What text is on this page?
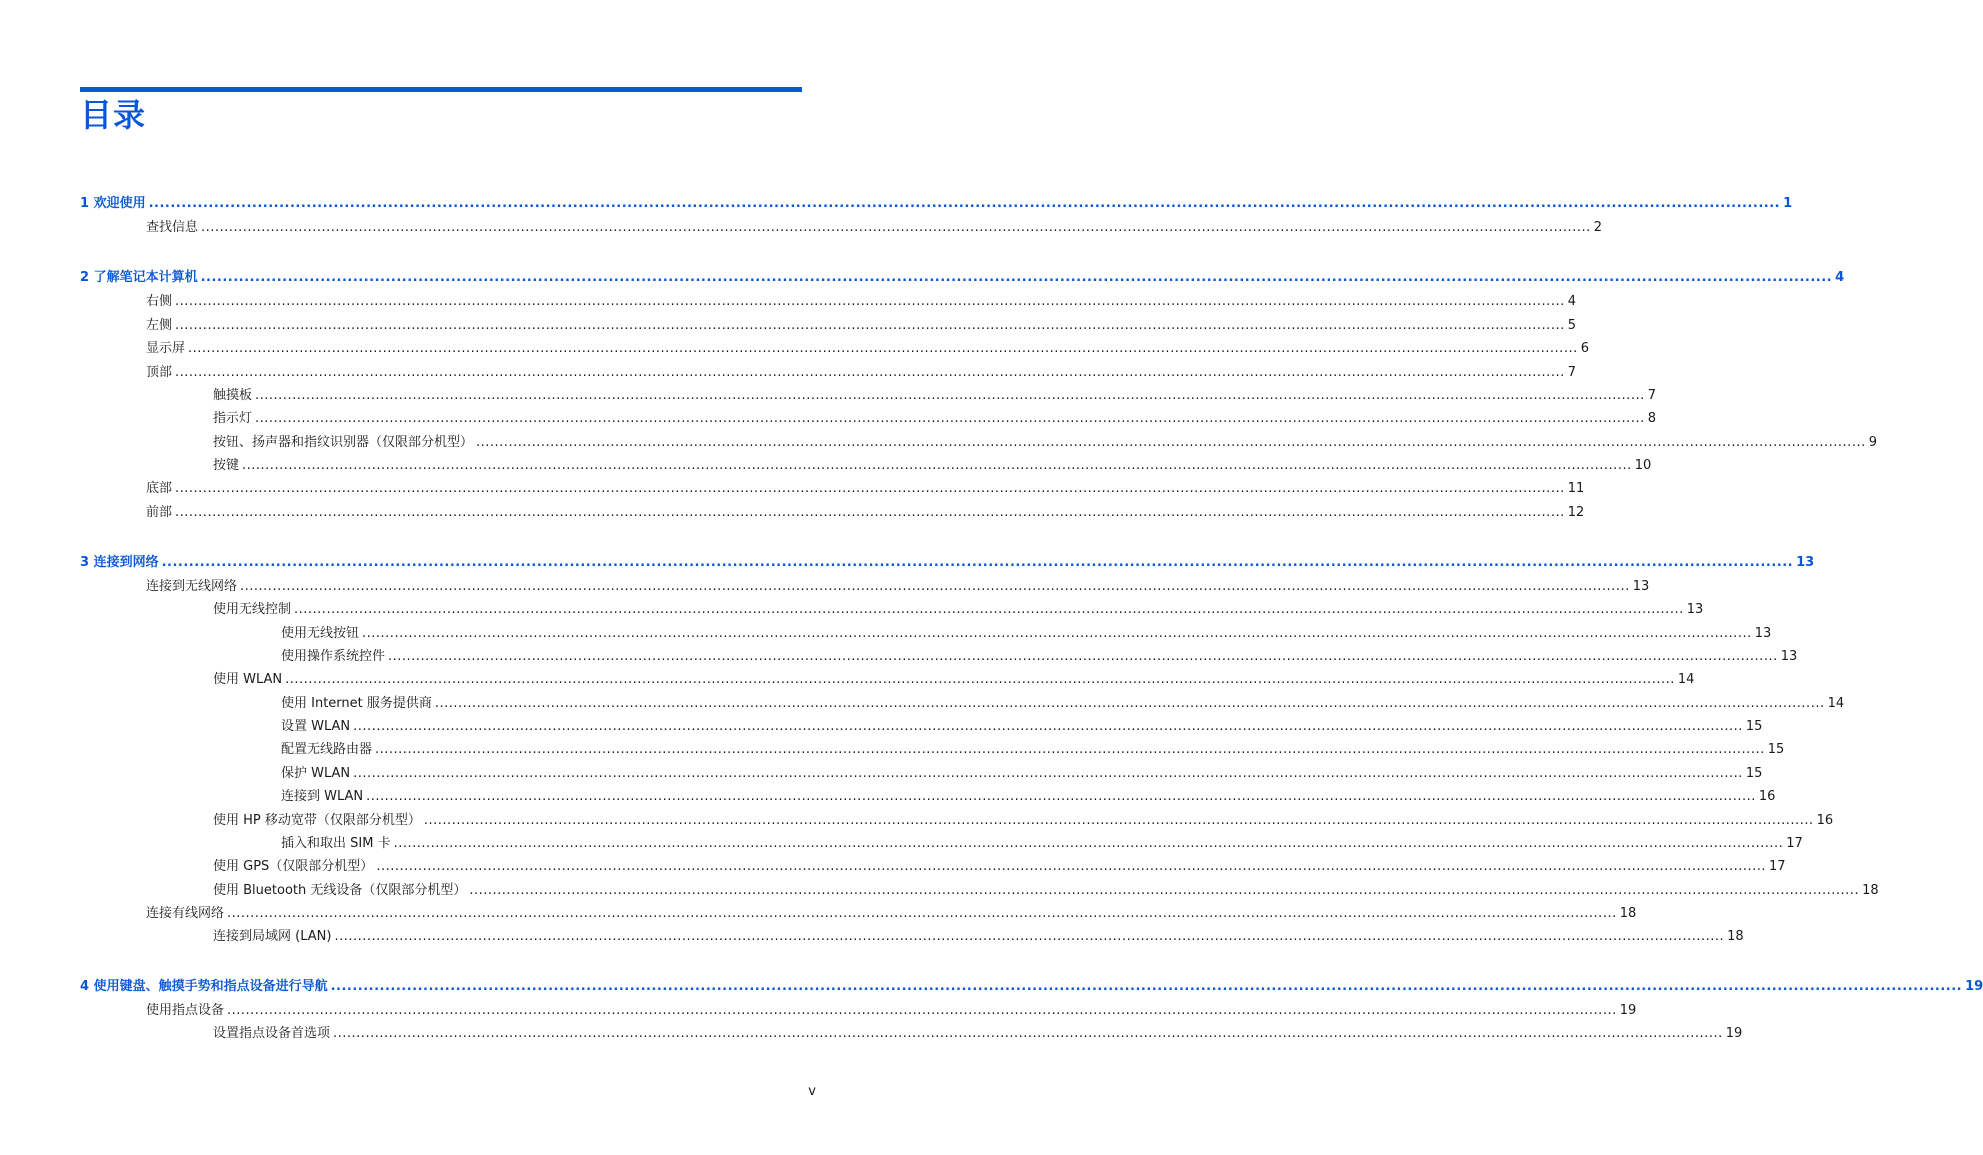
目录
1 欢迎使用 ............................................................................................................................................................................................................................................................................................................ 1
查找信息 ............................................................................................................................................................................................................................................................................................................ 2
2 了解笔记本计算机 ............................................................................................................................................................................................................................................................................................................ 4
右侧 ............................................................................................................................................................................................................................................................................................................ 4
左侧 ............................................................................................................................................................................................................................................................................................................ 5
显示屏 ............................................................................................................................................................................................................................................................................................................ 6
顶部 ............................................................................................................................................................................................................................................................................................................ 7
触摸板 ............................................................................................................................................................................................................................................................................................................ 7
指示灯 ............................................................................................................................................................................................................................................................................................................ 8
按钮、扬声器和指纹识别器（仅限部分机型） ............................................................................................................................................................................................................................................................................................................ 9
按键 ............................................................................................................................................................................................................................................................................................................ 10
底部 ............................................................................................................................................................................................................................................................................................................ 11
前部 ............................................................................................................................................................................................................................................................................................................ 12
3 连接到网络 ............................................................................................................................................................................................................................................................................................................ 13
连接到无线网络 ............................................................................................................................................................................................................................................................................................................ 13
使用无线控制 ............................................................................................................................................................................................................................................................................................................ 13
使用无线按钮 ............................................................................................................................................................................................................................................................................................................ 13
使用操作系统控件 ............................................................................................................................................................................................................................................................................................................ 13
使用 WLAN ............................................................................................................................................................................................................................................................................................................ 14
使用 Internet 服务提供商 ............................................................................................................................................................................................................................................................................................................ 14
设置 WLAN ............................................................................................................................................................................................................................................................................................................ 15
配置无线路由器 ............................................................................................................................................................................................................................................................................................................ 15
保护 WLAN ............................................................................................................................................................................................................................................................................................................ 15
连接到 WLAN ............................................................................................................................................................................................................................................................................................................ 16
使用 HP 移动宽带（仅限部分机型） ............................................................................................................................................................................................................................................................................................................ 16
插入和取出 SIM 卡 ............................................................................................................................................................................................................................................................................................................ 17
使用 GPS（仅限部分机型） ............................................................................................................................................................................................................................................................................................................ 17
使用 Bluetooth 无线设备（仅限部分机型） ............................................................................................................................................................................................................................................................................................................ 18
连接有线网络 ............................................................................................................................................................................................................................................................................................................ 18
连接到局域网 (LAN) ............................................................................................................................................................................................................................................................................................................ 18
4 使用键盘、触摸手势和指点设备进行导航 ............................................................................................................................................................................................................................................................................................................ 19
使用指点设备 ............................................................................................................................................................................................................................................................................................................ 19
设置指点设备首选项 ............................................................................................................................................................................................................................................................................................................ 19
v
